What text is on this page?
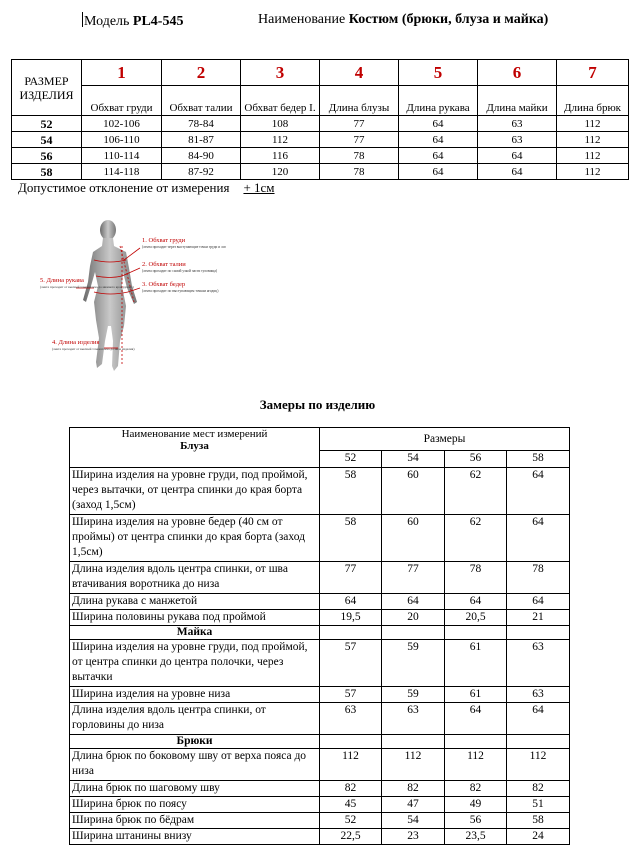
Модель PL4-545	Наименование Костюм (брюки, блуза и майка)
РАЗМЕР ИЗДЕЛИЯ	1	2	3	4	5	6	7
	Обхват груди	Обхват талии	Обхват бедер I.	Длина блузы	Длина рукава	Длина майки	Длина брюк
52	102-106	78-84	108	77	64	63	112
54	106-110	81-87	112	77	64	63	112
56	110-114	84-90	116	78	64	64	112
58	114-118	87-92	120	78	64	64	112
Допустимое отклонение от измерения + 1см
1. Обхват груди
(лента проходит через выступающие точки груди и лопаток)
2. Обхват талии
(лента проходит по самой узкой части туловища)
3. Обхват бедер
(лента проходит по выступающим точкам ягодиц)
5. Длина рукава
(лента проходит от высшей точки плеча до нижнего края рукава)
4. Длина изделия
(лента проходит от высшей точки плеча до низа изделия)
Замеры по изделию
Наименование мест измерений
Блуза	Размеры			
	52	54	56	58
Ширина изделия на уровне груди, под проймой, через вытачки, от центра спинки до края борта (заход 1,5см)	58	60	62	64
Ширина изделия на уровне бедер (40 см от проймы) от центра спинки до края борта (заход 1,5см)	58	60	62	64
Длина изделия вдоль центра спинки, от шва втачивания воротника до низа	77	77	78	78
Длина рукава с манжетой	64	64	64	64
Ширина половины рукава под проймой	19,5	20	20,5	21
Майка				
Ширина изделия на уровне груди, под проймой, от центра спинки до центра полочки, через вытачки	57	59	61	63
Ширина изделия на уровне низа	57	59	61	63
Длина изделия вдоль центра спинки, от горловины до низа	63	63	64	64
Брюки				
Длина брюк по боковому шву от верха пояса до низа	112	112	112	112
Длина брюк по шаговому шву	82	82	82	82
Ширина брюк по поясу	45	47	49	51
Ширина брюк по бёдрам	52	54	56	58
Ширина штанины внизу	22,5	23	23,5	24
